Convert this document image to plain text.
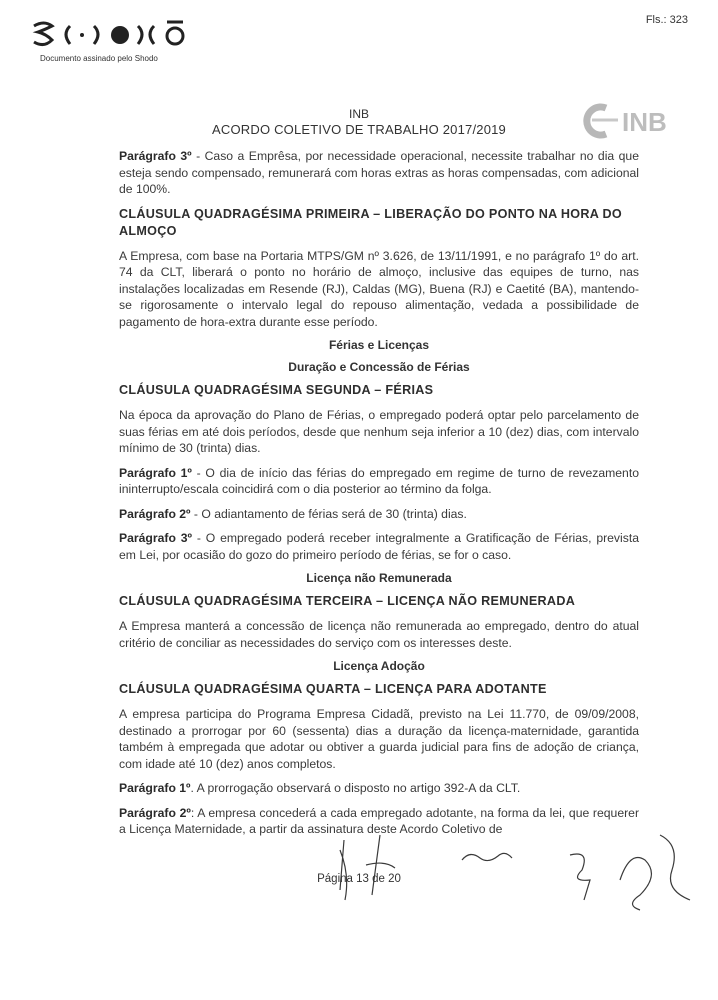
Documento assinado pelo Shodo
Fls.: 323
INB
ACORDO COLETIVO DE TRABALHO 2017/2019	INB

Parágrafo 3º - Caso a Emprêsa, por necessidade operacional, necessite trabalhar no dia que esteja sendo compensado, remunerará com horas extras as horas compensadas, com adicional de 100%.

CLÁUSULA QUADRAGÉSIMA PRIMEIRA – LIBERAÇÃO DO PONTO NA HORA DO ALMOÇO

A Empresa, com base na Portaria MTPS/GM nº 3.626, de 13/11/1991, e no parágrafo 1º do art. 74 da CLT, liberará o ponto no horário de almoço, inclusive das equipes de turno, nas instalações localizadas em Resende (RJ), Caldas (MG), Buena (RJ) e Caetité (BA), mantendo-se rigorosamente o intervalo legal do repouso alimentação, vedada a possibilidade de pagamento de hora-extra durante esse período.

Férias e Licenças
Duração e Concessão de Férias
CLÁUSULA QUADRAGÉSIMA SEGUNDA – FÉRIAS

Na época da aprovação do Plano de Férias, o empregado poderá optar pelo parcelamento de suas férias em até dois períodos, desde que nenhum seja inferior a 10 (dez) dias, com intervalo mínimo de 30 (trinta) dias.

Parágrafo 1º - O dia de início das férias do empregado em regime de turno de revezamento ininterrupto/escala coincidirá com o dia posterior ao término da folga.

Parágrafo 2º - O adiantamento de férias será de 30 (trinta) dias.

Parágrafo 3º - O empregado poderá receber integralmente a Gratificação de Férias, prevista em Lei, por ocasião do gozo do primeiro período de férias, se for o caso.

Licença não Remunerada
CLÁUSULA QUADRAGÉSIMA TERCEIRA – LICENÇA NÃO REMUNERADA

A Empresa manterá a concessão de licença não remunerada ao empregado, dentro do atual critério de conciliar as necessidades do serviço com os interesses deste.

Licença Adoção
CLÁUSULA QUADRAGÉSIMA QUARTA – LICENÇA PARA ADOTANTE

A empresa participa do Programa Empresa Cidadã, previsto na Lei 11.770, de 09/09/2008, destinado a prorrogar por 60 (sessenta) dias a duração da licença-maternidade, garantida também à empregada que adotar ou obtiver a guarda judicial para fins de adoção de criança, com idade até 10 (dez) anos completos.

Parágrafo 1º. A prorrogação observará o disposto no artigo 392-A da CLT.

Parágrafo 2º: A empresa concederá a cada empregado adotante, na forma da lei, que requerer a Licença Maternidade, a partir da assinatura deste Acordo Coletivo de

Página 13 de 20
